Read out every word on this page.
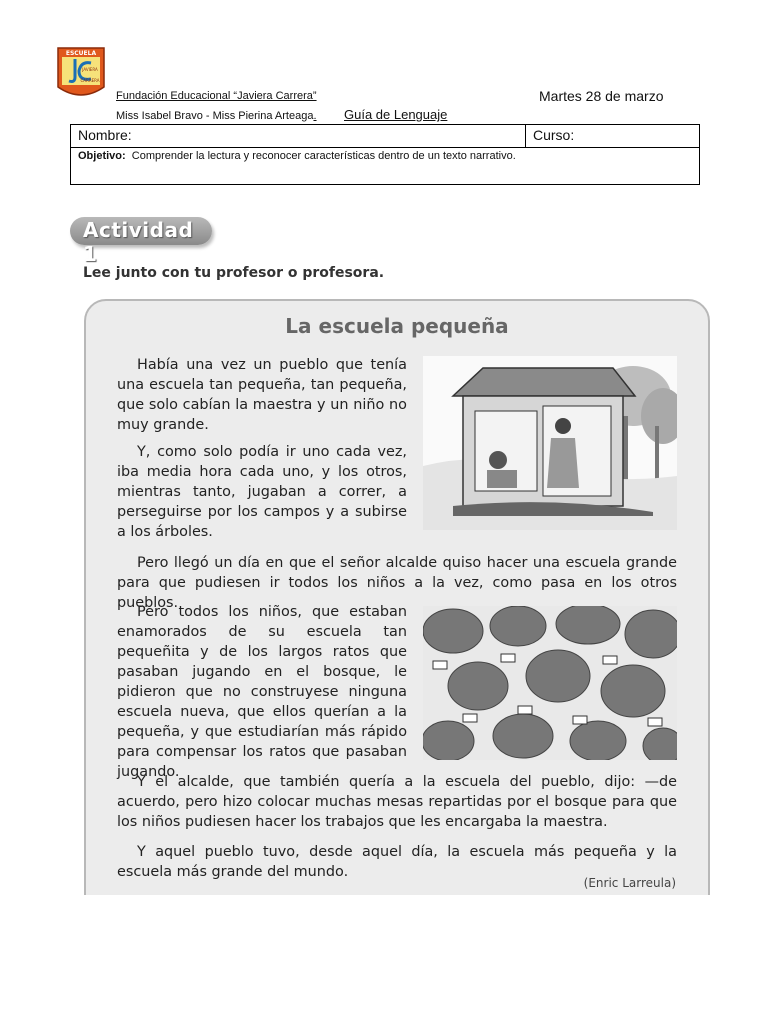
ESCUELA
JAVIERA
CARRERA
Fundación Educacional “Javiera Carrera”	Martes 28 de marzo
Miss Isabel Bravo - Miss Pierina Arteaga. Guía de Lenguaje
Nombre:	Curso:
Objetivo: Comprender la lectura y reconocer características dentro de un texto narrativo.
Actividad 1
Lee junto con tu profesor o profesora.
La escuela pequeña
Había una vez un pueblo que tenía una escuela tan pequeña, tan pequeña, que solo cabían la maestra y un niño no muy grande.
Y, como solo podía ir uno cada vez, iba media hora cada uno, y los otros, mientras tanto, jugaban a correr, a perseguirse por los campos y a subirse a los árboles.
Pero llegó un día en que el señor alcalde quiso hacer una escuela grande para que pudiesen ir todos los niños a la vez, como pasa en los otros pueblos.
Pero todos los niños, que estaban enamorados de su escuela tan pequeñita y de los largos ratos que pasaban jugando en el bosque, le pidieron que no construyese ninguna escuela nueva, que ellos querían a la pequeña, y que estudiarían más rápido para compensar los ratos que pasaban jugando.
Y el alcalde, que también quería a la escuela del pueblo, dijo: —de acuerdo, pero hizo colocar muchas mesas repartidas por el bosque para que los niños pudiesen hacer los trabajos que les encargaba la maestra.
Y aquel pueblo tuvo, desde aquel día, la escuela más pequeña y la escuela más grande del mundo.
(Enric Larreula)
